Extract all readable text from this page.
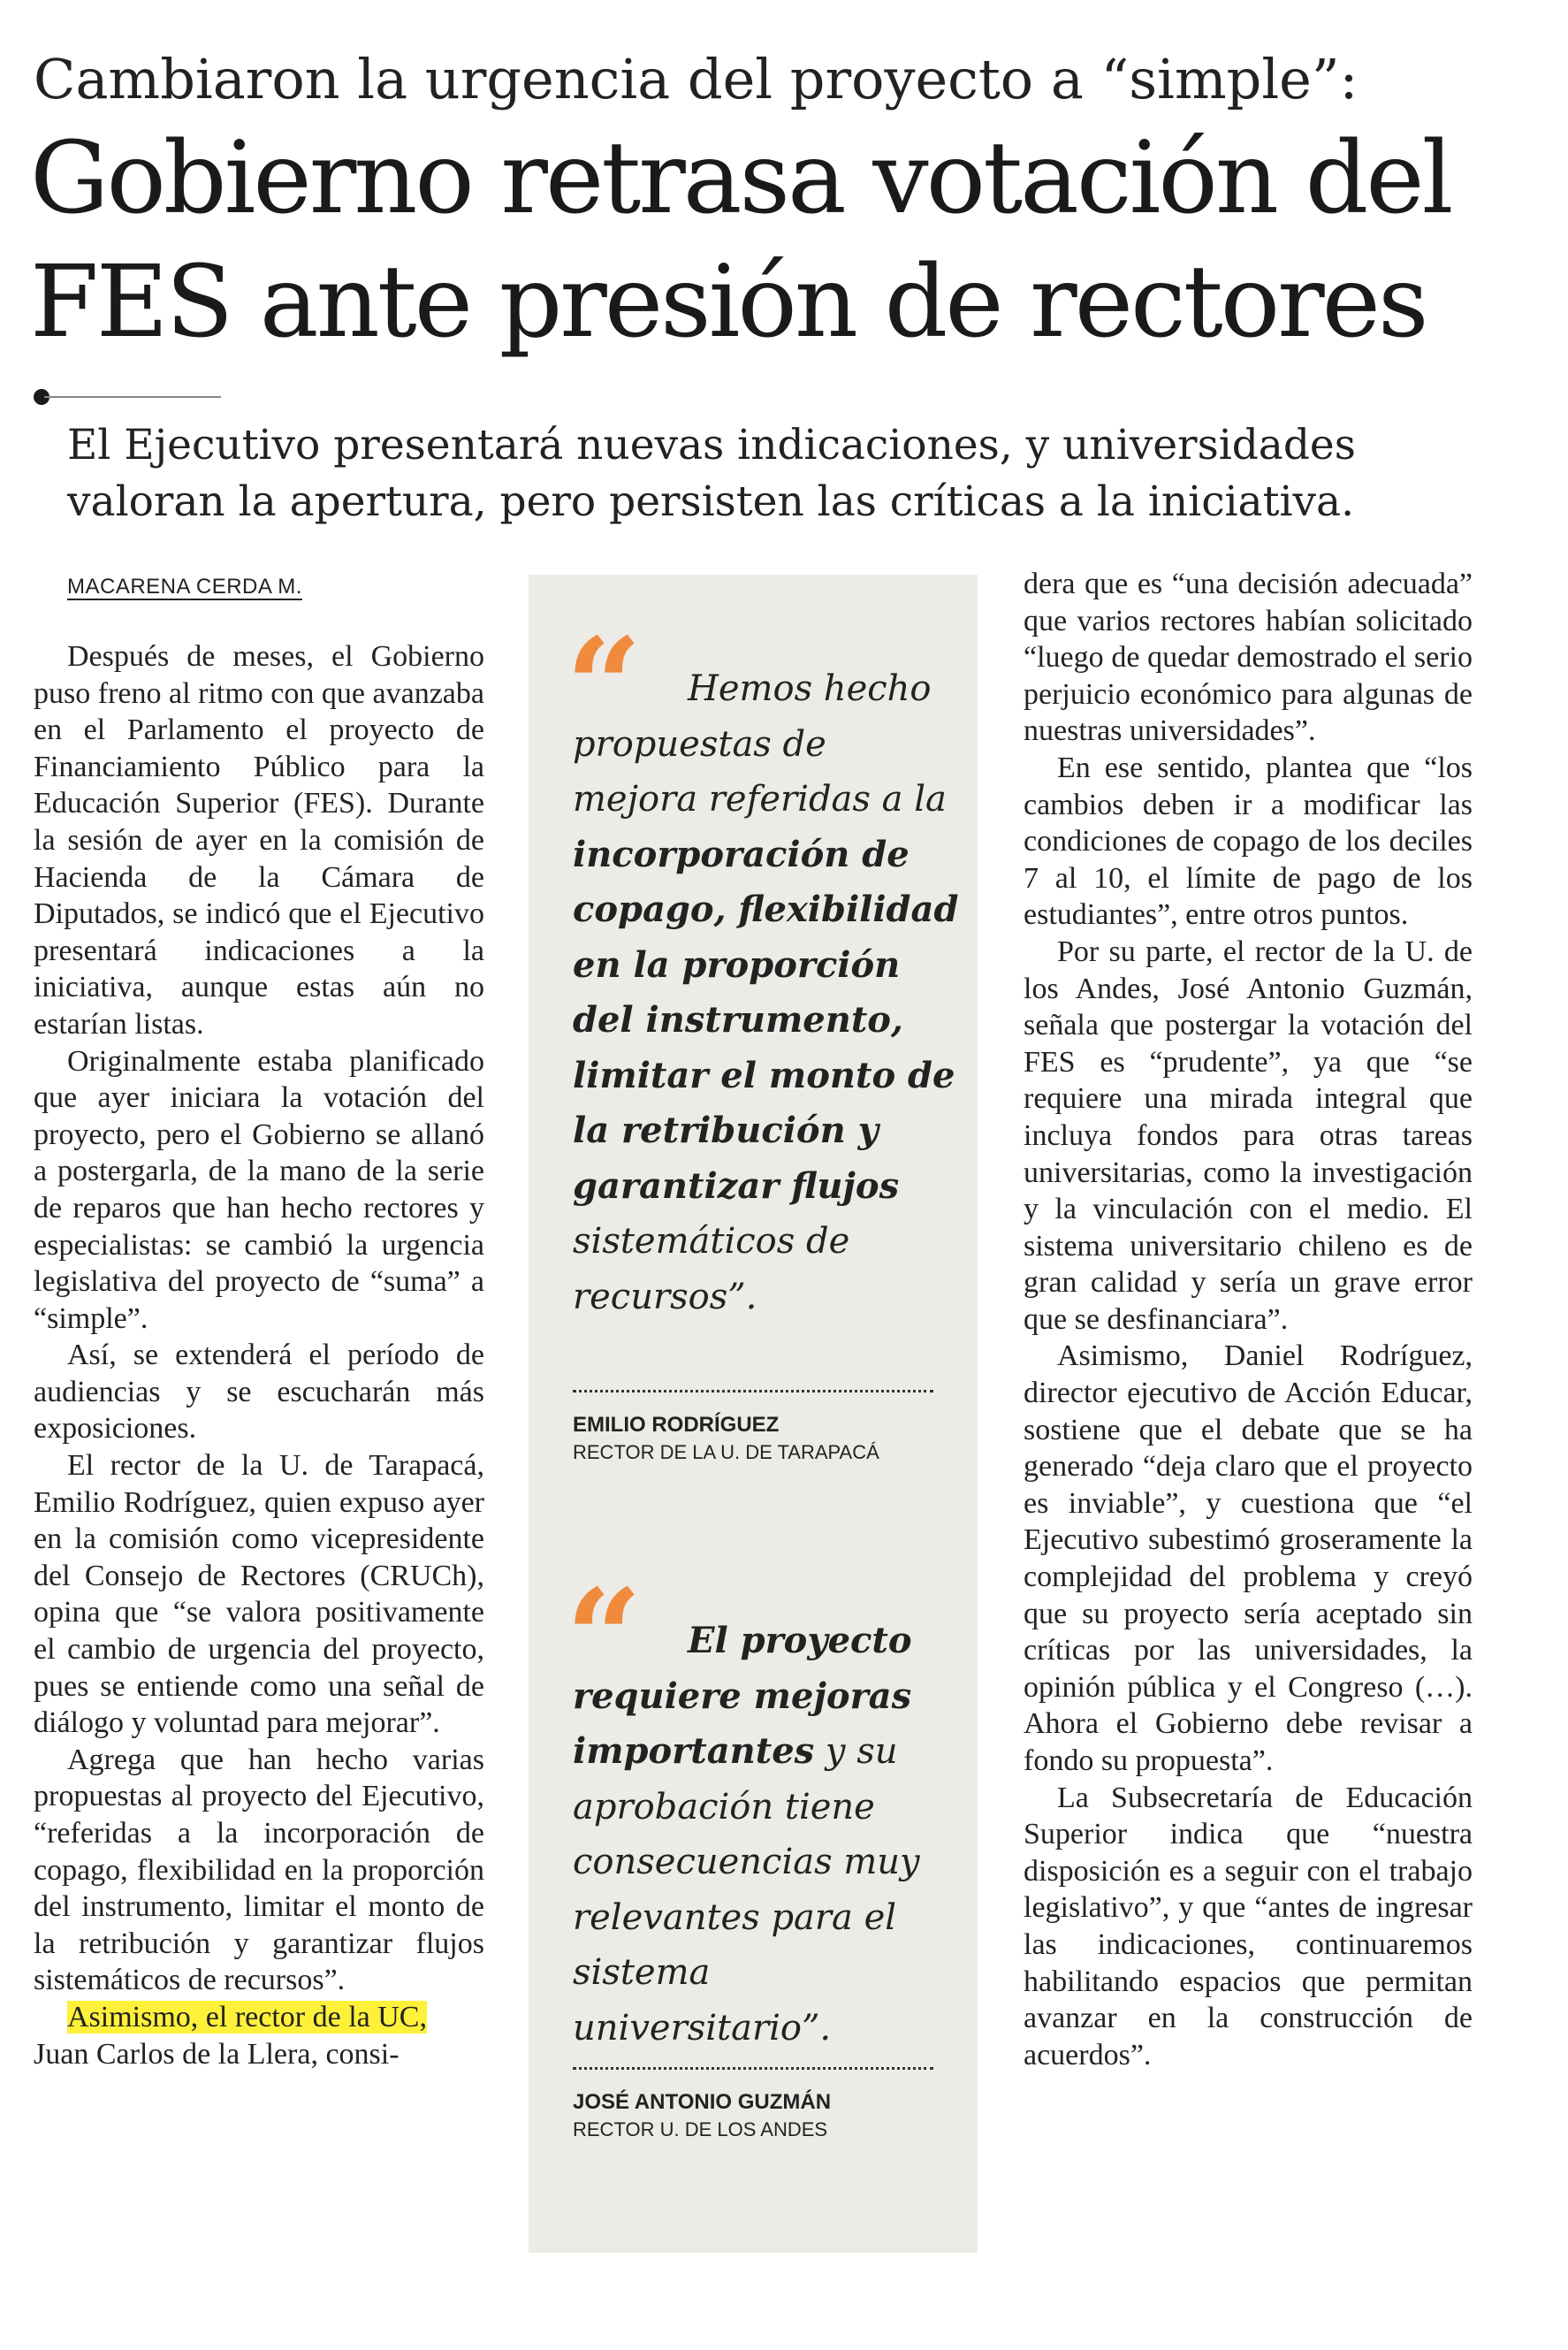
Cambiaron la urgencia del proyecto a “simple”:
Gobierno retrasa votación del FES ante presión de rectores
El Ejecutivo presentará nuevas indicaciones, y universidades valoran la apertura, pero persisten las críticas a la iniciativa.
MACARENA CERDA M.

Después de meses, el Gobierno puso freno al ritmo con que avanzaba en el Parlamento el proyecto de Financiamiento Público para la Educación Superior (FES). Durante la sesión de ayer en la comisión de Hacienda de la Cámara de Diputados, se indicó que el Ejecutivo presentará indicaciones a la iniciativa, aunque estas aún no estarían listas.

Originalmente estaba planificado que ayer iniciara la votación del proyecto, pero el Gobierno se allanó a postergarla, de la mano de la serie de reparos que han hecho rectores y especialistas: se cambió la urgencia legislativa del proyecto de “suma” a “simple”.

Así, se extenderá el período de audiencias y se escucharán más exposiciones.

El rector de la U. de Tarapacá, Emilio Rodríguez, quien expuso ayer en la comisión como vicepresidente del Consejo de Rectores (CRUCh), opina que “se valora positivamente el cambio de urgencia del proyecto, pues se entiende como una señal de diálogo y voluntad para mejorar”.

Agrega que han hecho varias propuestas al proyecto del Ejecutivo, “referidas a la incorporación de copago, flexibilidad en la proporción del instrumento, limitar el monto de la retribución y garantizar flujos sistemáticos de recursos”.

Asimismo, el rector de la UC,
Juan Carlos de la Llera, consi-

“	Hemos hecho propuestas de mejora referidas a la incorporación de copago, flexibilidad en la proporción del instrumento, limitar el monto de la retribución y garantizar flujos sistemáticos de recursos”.
EMILIO RODRÍGUEZ
RECTOR DE LA U. DE TARAPACÁ
“	El proyecto requiere mejoras importantes y su aprobación tiene consecuencias muy relevantes para el sistema universitario”.
JOSÉ ANTONIO GUZMÁN
RECTOR U. DE LOS ANDES

dera que es “una decisión adecuada” que varios rectores habían solicitado “luego de quedar demostrado el serio perjuicio económico para algunas de nuestras universidades”.

En ese sentido, plantea que “los cambios deben ir a modificar las condiciones de copago de los deciles 7 al 10, el límite de pago de los estudiantes”, entre otros puntos.

Por su parte, el rector de la U. de los Andes, José Antonio Guzmán, señala que postergar la votación del FES es “prudente”, ya que “se requiere una mirada integral que incluya fondos para otras tareas universitarias, como la investigación y la vinculación con el medio. El sistema universitario chileno es de gran calidad y sería un grave error que se desfinanciara”.

Asimismo, Daniel Rodríguez, director ejecutivo de Acción Educar, sostiene que el debate que se ha generado “deja claro que el proyecto es inviable”, y cuestiona que “el Ejecutivo subestimó groseramente la complejidad del problema y creyó que su proyecto sería aceptado sin críticas por las universidades, la opinión pública y el Congreso (…). Ahora el Gobierno debe revisar a fondo su propuesta”.

La Subsecretaría de Educación Superior indica que “nuestra disposición es a seguir con el trabajo legislativo”, y que “antes de ingresar las indicaciones, continuaremos habilitando espacios que permitan avanzar en la construcción de acuerdos”.
